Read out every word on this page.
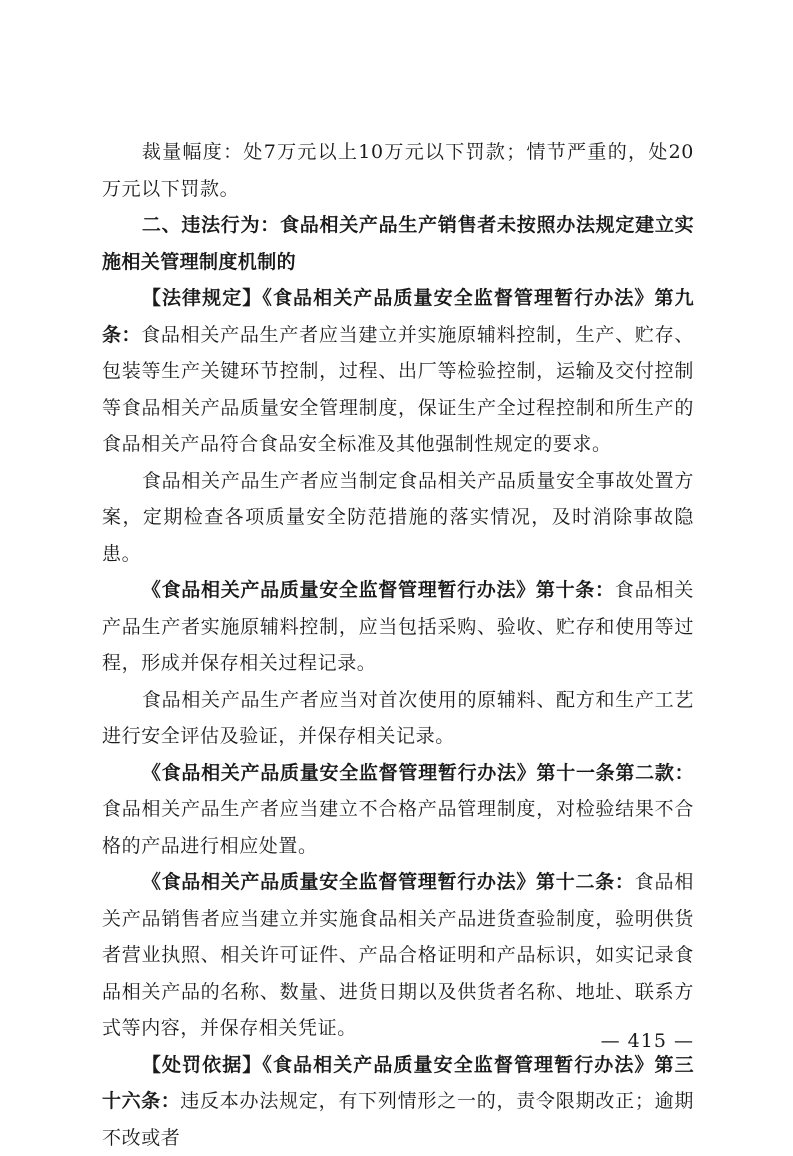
裁量幅度：处7万元以上10万元以下罚款；情节严重的，处20万元以下罚款。

二、违法行为：食品相关产品生产销售者未按照办法规定建立实施相关管理制度机制的

【法律规定】《食品相关产品质量安全监督管理暂行办法》第九条：食品相关产品生产者应当建立并实施原辅料控制，生产、贮存、包装等生产关键环节控制，过程、出厂等检验控制，运输及交付控制等食品相关产品质量安全管理制度，保证生产全过程控制和所生产的食品相关产品符合食品安全标准及其他强制性规定的要求。

食品相关产品生产者应当制定食品相关产品质量安全事故处置方案，定期检查各项质量安全防范措施的落实情况，及时消除事故隐患。

《食品相关产品质量安全监督管理暂行办法》第十条：食品相关产品生产者实施原辅料控制，应当包括采购、验收、贮存和使用等过程，形成并保存相关过程记录。

食品相关产品生产者应当对首次使用的原辅料、配方和生产工艺进行安全评估及验证，并保存相关记录。

《食品相关产品质量安全监督管理暂行办法》第十一条第二款：食品相关产品生产者应当建立不合格产品管理制度，对检验结果不合格的产品进行相应处置。

《食品相关产品质量安全监督管理暂行办法》第十二条：食品相关产品销售者应当建立并实施食品相关产品进货查验制度，验明供货者营业执照、相关许可证件、产品合格证明和产品标识，如实记录食品相关产品的名称、数量、进货日期以及供货者名称、地址、联系方式等内容，并保存相关凭证。

【处罚依据】《食品相关产品质量安全监督管理暂行办法》第三十六条：违反本办法规定，有下列情形之一的，责令限期改正；逾期不改或者

— 415 —
